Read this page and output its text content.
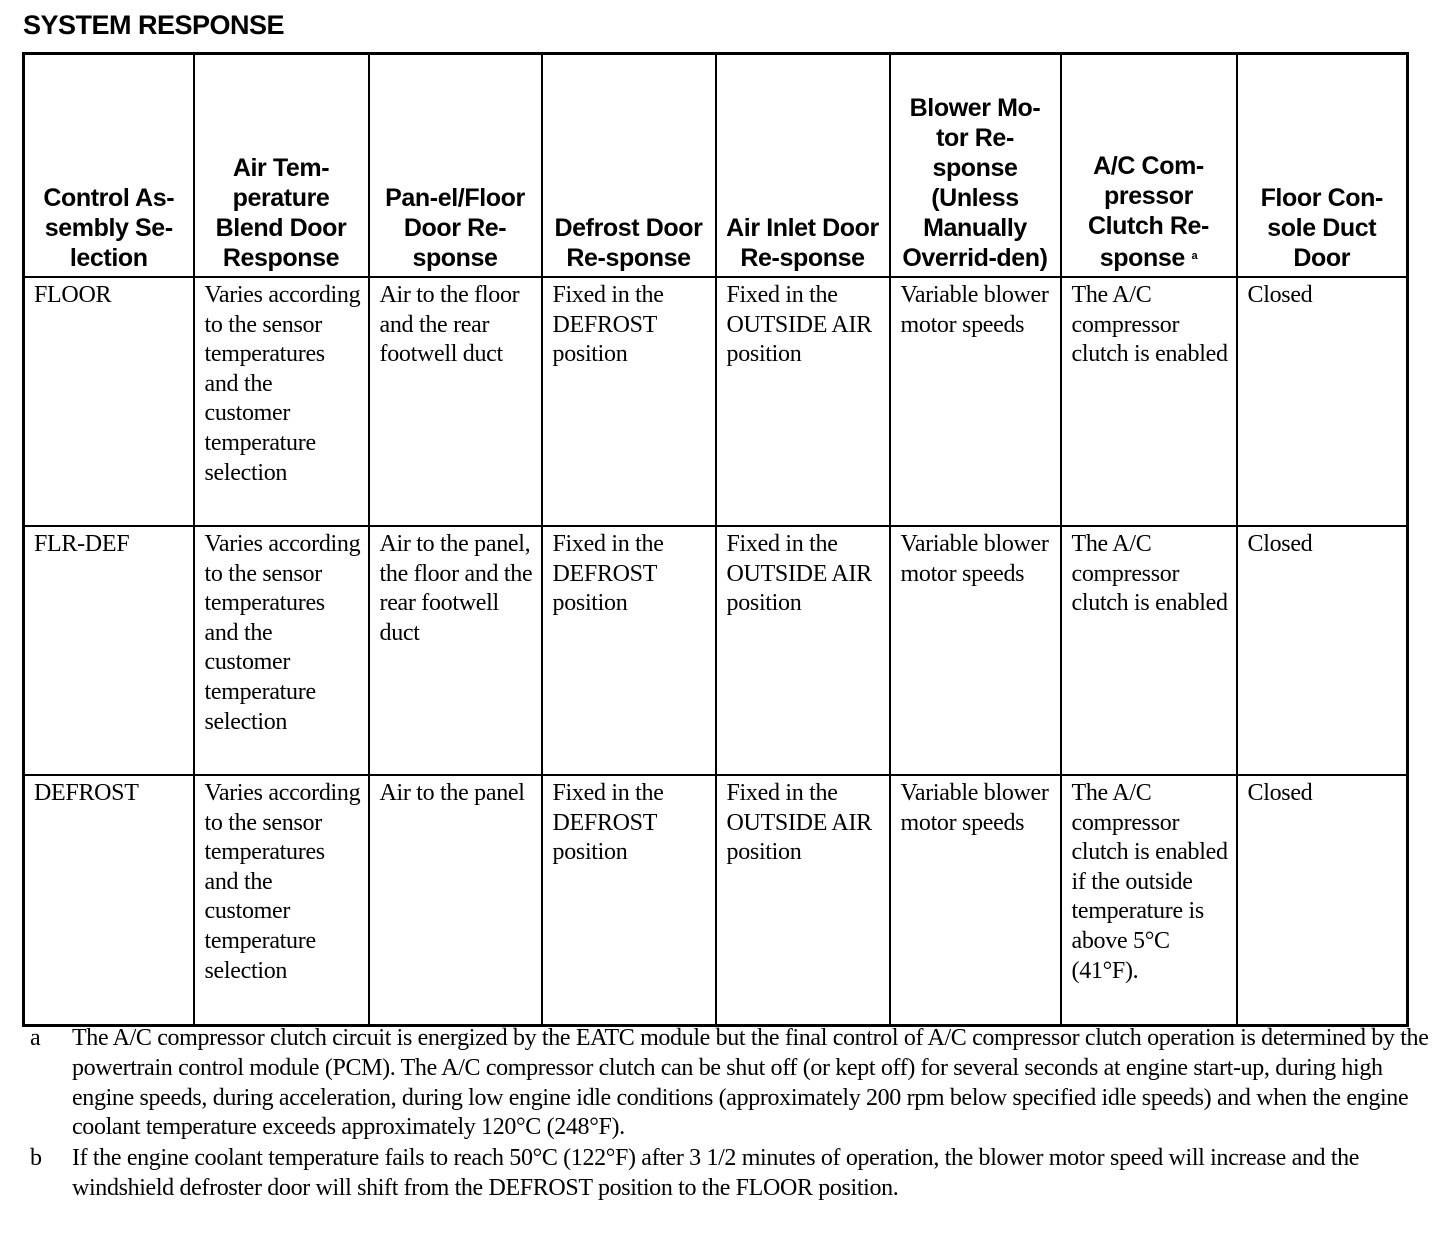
SYSTEM RESPONSE
Control As-sembly Se-lection	Air Tem-perature Blend Door Response	Pan-el/Floor Door Re-sponse	Defrost Door Re-sponse	Air Inlet Door Re-sponse	Blower Mo-tor Re-sponse (Unless Manually Overrid-den)	A/C Com-pressor Clutch Re-sponse $^a$	Floor Con-sole Duct Door
FLOOR	Varies according to the sensor temperatures and the customer temperature selection	Air to the floor and the rear footwell duct	Fixed in the DEFROST position	Fixed in the OUTSIDE AIR position	Variable blower motor speeds	The A/C compressor clutch is enabled	Closed
FLR-DEF	Varies according to the sensor temperatures and the customer temperature selection	Air to the panel, the floor and the rear footwell duct	Fixed in the DEFROST position	Fixed in the OUTSIDE AIR position	Variable blower motor speeds	The A/C compressor clutch is enabled	Closed
DEFROST	Varies according to the sensor temperatures and the customer temperature selection	Air to the panel	Fixed in the DEFROST position	Fixed in the OUTSIDE AIR position	Variable blower motor speeds	The A/C compressor clutch is enabled if the outside temperature is above 5°C (41°F).	Closed
a	The A/C compressor clutch circuit is energized by the EATC module but the final control of A/C compressor clutch operation is determined by the powertrain control module (PCM). The A/C compressor clutch can be shut off (or kept off) for several seconds at engine start-up, during high engine speeds, during acceleration, during low engine idle conditions (approximately 200 rpm below specified idle speeds) and when the engine coolant temperature exceeds approximately 120°C (248°F).
b	If the engine coolant temperature fails to reach 50°C (122°F) after 3 1/2 minutes of operation, the blower motor speed will increase and the windshield defroster door will shift from the DEFROST position to the FLOOR position.
